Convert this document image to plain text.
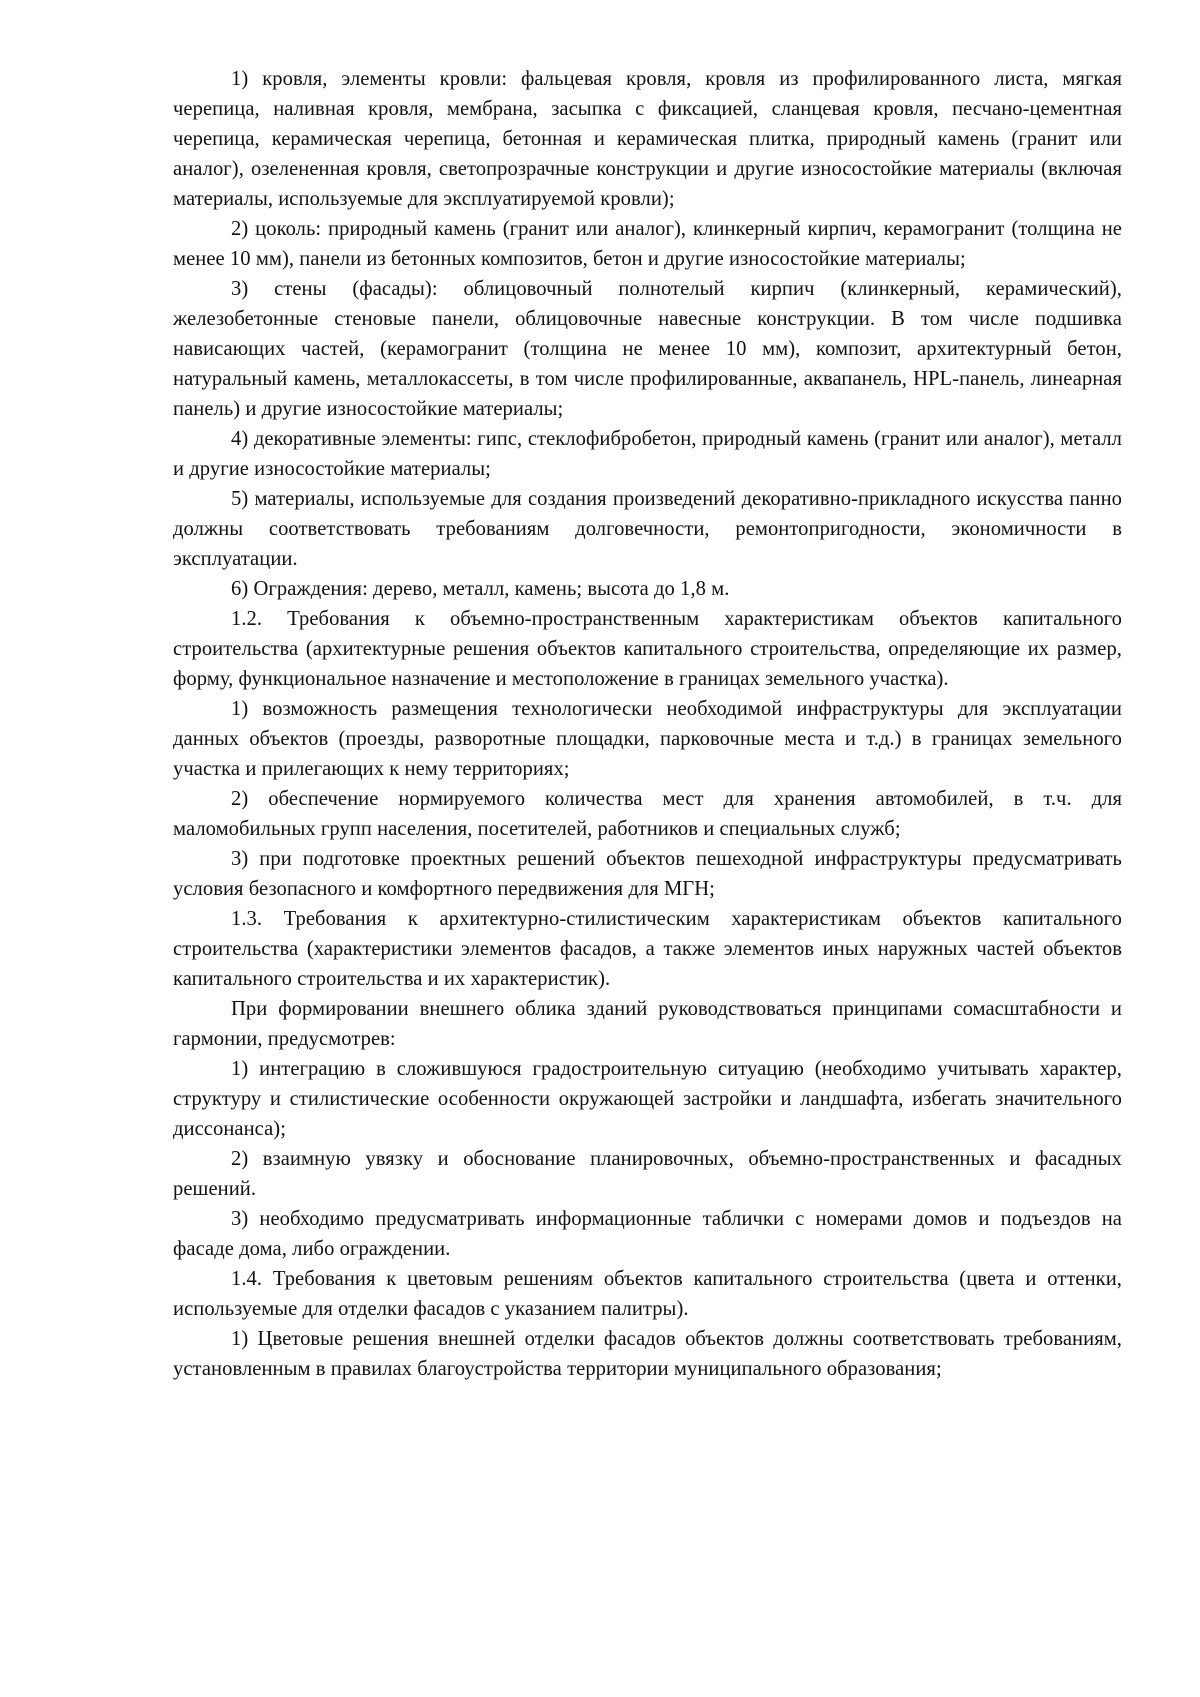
1) кровля, элементы кровли: фальцевая кровля, кровля из профилированного листа, мягкая черепица, наливная кровля, мембрана, засыпка с фиксацией, сланцевая кровля, песчано-цементная черепица, керамическая черепица, бетонная и керамическая плитка, природный камень (гранит или аналог), озелененная кровля, светопрозрачные конструкции и другие износостойкие материалы (включая материалы, используемые для эксплуатируемой кровли);

2) цоколь: природный камень (гранит или аналог), клинкерный кирпич, керамогранит (толщина не менее 10 мм), панели из бетонных композитов, бетон и другие износостойкие материалы;

3) стены (фасады): облицовочный полнотелый кирпич (клинкерный, керамический), железобетонные стеновые панели, облицовочные навесные конструкции. В том числе подшивка нависающих частей, (керамогранит (толщина не менее 10 мм), композит, архитектурный бетон, натуральный камень, металлокассеты, в том числе профилированные, аквапанель, HPL-панель, линеарная панель) и другие износостойкие материалы;

4) декоративные элементы: гипс, стеклофибробетон, природный камень (гранит или аналог), металл и другие износостойкие материалы;

5) материалы, используемые для создания произведений декоративно-прикладного искусства панно должны соответствовать требованиям долговечности, ремонтопригодности, экономичности в эксплуатации.

6) Ограждения: дерево, металл, камень; высота до 1,8 м.

1.2. Требования к объемно-пространственным характеристикам объектов капитального строительства (архитектурные решения объектов капитального строительства, определяющие их размер, форму, функциональное назначение и местоположение в границах земельного участка).

1) возможность размещения технологически необходимой инфраструктуры для эксплуатации данных объектов (проезды, разворотные площадки, парковочные места и т.д.) в границах земельного участка и прилегающих к нему территориях;

2) обеспечение нормируемого количества мест для хранения автомобилей, в т.ч. для маломобильных групп населения, посетителей, работников и специальных служб;

3) при подготовке проектных решений объектов пешеходной инфраструктуры предусматривать условия безопасного и комфортного передвижения для МГН;

1.3. Требования к архитектурно-стилистическим характеристикам объектов капитального строительства (характеристики элементов фасадов, а также элементов иных наружных частей объектов капитального строительства и их характеристик).

При формировании внешнего облика зданий руководствоваться принципами сомасштабности и гармонии, предусмотрев:

1) интеграцию в сложившуюся градостроительную ситуацию (необходимо учитывать характер, структуру и стилистические особенности окружающей застройки и ландшафта, избегать значительного диссонанса);

2) взаимную увязку и обоснование планировочных, объемно-пространственных и фасадных решений.

3) необходимо предусматривать информационные таблички с номерами домов и подъездов на фасаде дома, либо ограждении.

1.4. Требования к цветовым решениям объектов капитального строительства (цвета и оттенки, используемые для отделки фасадов с указанием палитры).

1) Цветовые решения внешней отделки фасадов объектов должны соответствовать требованиям, установленным в правилах благоустройства территории муниципального образования;
